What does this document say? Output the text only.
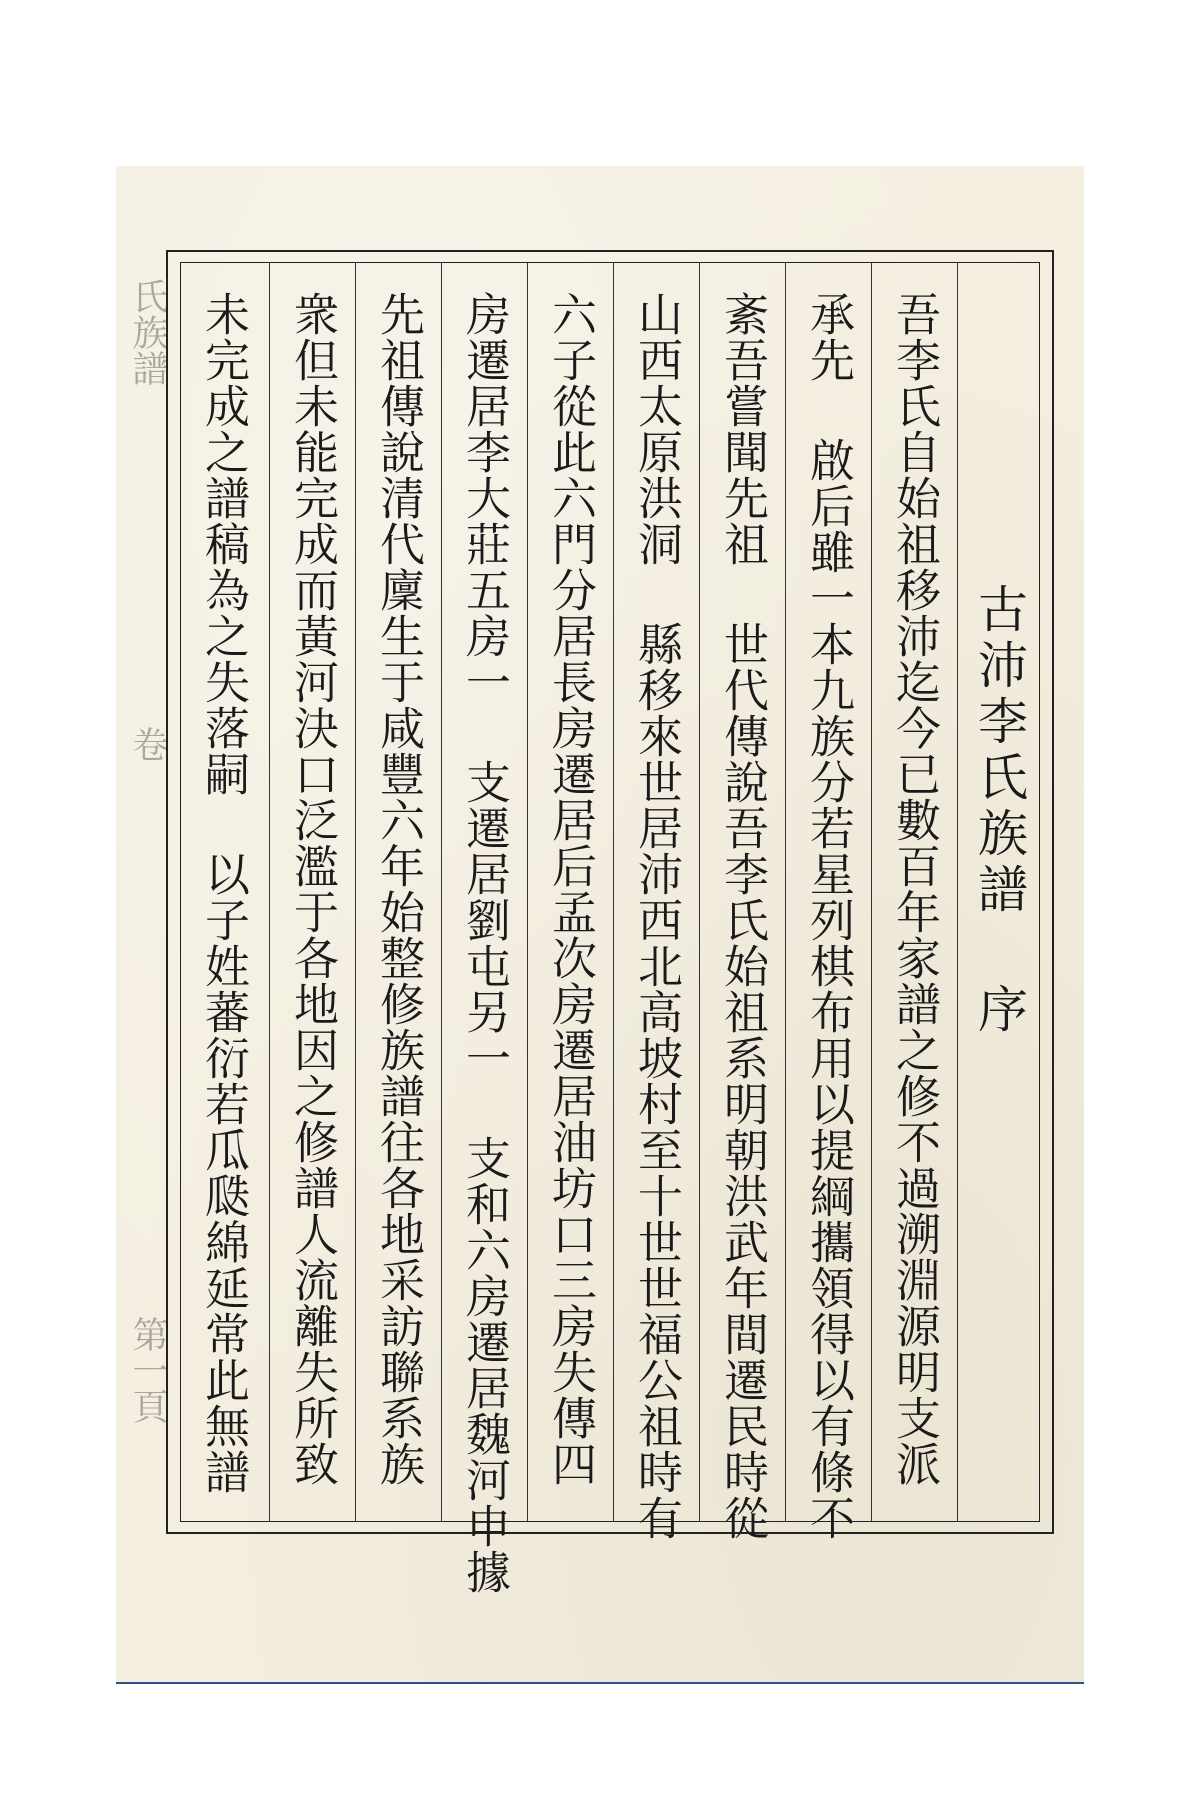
氏族譜
卷
第一頁
古沛李氏族譜 序
吾李氏自始祖移沛迄今已數百年家譜之修不過溯淵源明支派
承先 啟后雖一本九族分若星列棋布用以提綱攜領得以有條不
紊吾嘗聞先祖 世代傳說吾李氏始祖系明朝洪武年間遷民時從
山西太原洪洞 縣移來世居沛西北高坡村至十世世福公祖時有
六子從此六門分居長房遷居后孟次房遷居油坊口三房失傳四
房遷居李大莊五房一 支遷居劉屯另一 支和六房遷居魏河申據
先祖傳說清代廩生于咸豐六年始整修族譜往各地采訪聯系族
衆但未能完成而黃河決口泛濫于各地因之修譜人流離失所致
未完成之譜稿為之失落嗣 以子姓蕃衍若瓜瓞綿延常此無譜
